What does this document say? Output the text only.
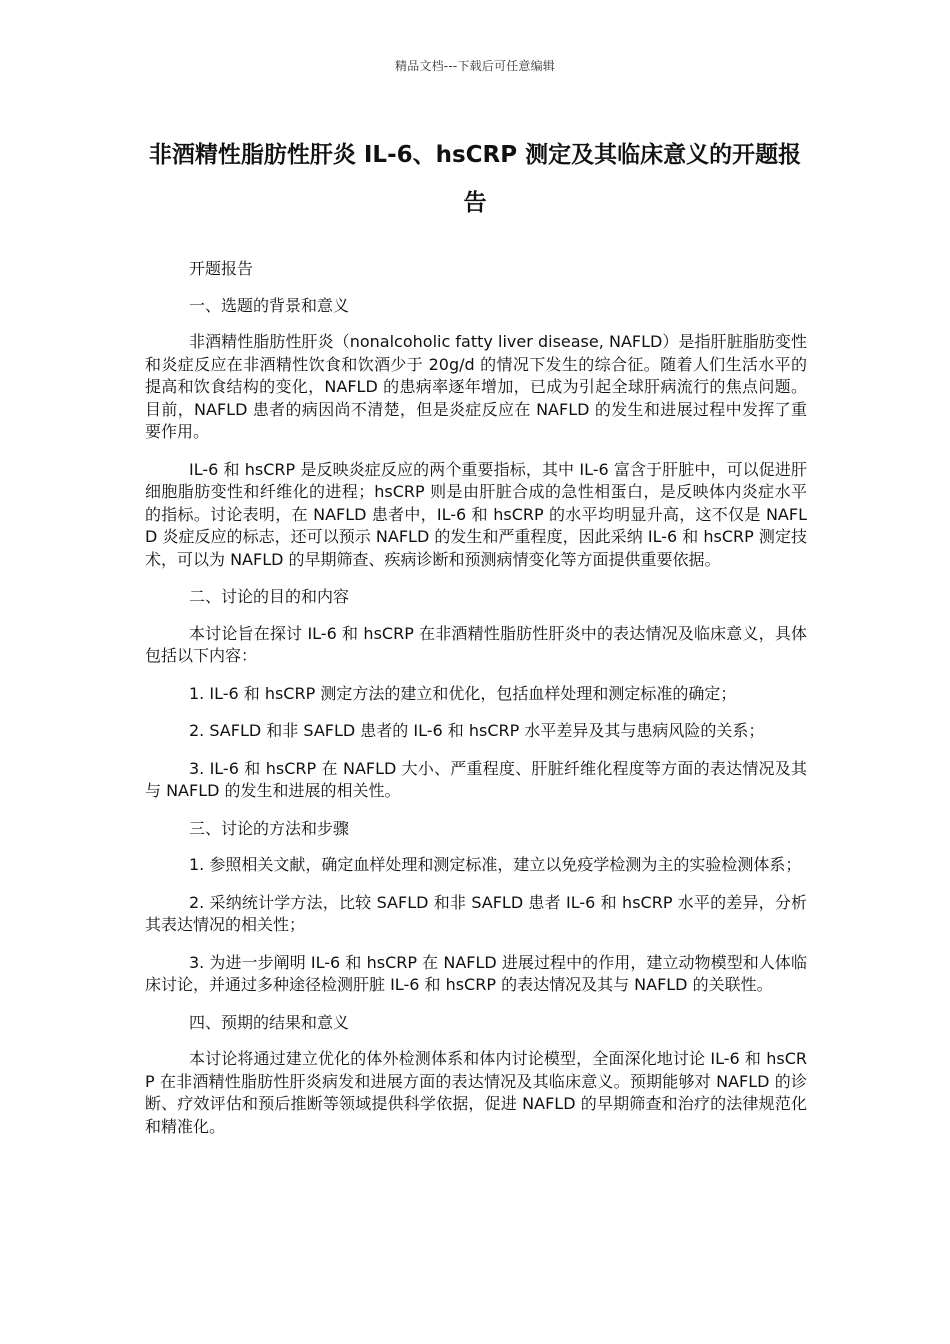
精品文档---下载后可任意编辑
非酒精性脂肪性肝炎 IL-6、hsCRP 测定及其临床意义的开题报告

开题报告

一、选题的背景和意义

非酒精性脂肪性肝炎（nonalcoholic fatty liver disease, NAFLD）是指肝脏脂肪变性和炎症反应在非酒精性饮食和饮酒少于 20g/d 的情况下发生的综合征。随着人们生活水平的提高和饮食结构的变化，NAFLD 的患病率逐年增加，已成为引起全球肝病流行的焦点问题。目前，NAFLD 患者的病因尚不清楚，但是炎症反应在 NAFLD 的发生和进展过程中发挥了重要作用。

IL-6 和 hsCRP 是反映炎症反应的两个重要指标，其中 IL-6 富含于肝脏中，可以促进肝细胞脂肪变性和纤维化的进程；hsCRP 则是由肝脏合成的急性相蛋白，是反映体内炎症水平的指标。讨论表明，在 NAFLD 患者中，IL-6 和 hsCRP 的水平均明显升高，这不仅是 NAFLD 炎症反应的标志，还可以预示 NAFLD 的发生和严重程度，因此采纳 IL-6 和 hsCRP 测定技术，可以为 NAFLD 的早期筛查、疾病诊断和预测病情变化等方面提供重要依据。

二、讨论的目的和内容

本讨论旨在探讨 IL-6 和 hsCRP 在非酒精性脂肪性肝炎中的表达情况及临床意义，具体包括以下内容：

1. IL-6 和 hsCRP 测定方法的建立和优化，包括血样处理和测定标准的确定；

2. SAFLD 和非 SAFLD 患者的 IL-6 和 hsCRP 水平差异及其与患病风险的关系；

3. IL-6 和 hsCRP 在 NAFLD 大小、严重程度、肝脏纤维化程度等方面的表达情况及其与 NAFLD 的发生和进展的相关性。

三、讨论的方法和步骤

1. 参照相关文献，确定血样处理和测定标准，建立以免疫学检测为主的实验检测体系；

2. 采纳统计学方法，比较 SAFLD 和非 SAFLD 患者 IL-6 和 hsCRP 水平的差异，分析其表达情况的相关性；

3. 为进一步阐明 IL-6 和 hsCRP 在 NAFLD 进展过程中的作用，建立动物模型和人体临床讨论，并通过多种途径检测肝脏 IL-6 和 hsCRP 的表达情况及其与 NAFLD 的关联性。

四、预期的结果和意义

本讨论将通过建立优化的体外检测体系和体内讨论模型，全面深化地讨论 IL-6 和 hsCRP 在非酒精性脂肪性肝炎病发和进展方面的表达情况及其临床意义。预期能够对 NAFLD 的诊断、疗效评估和预后推断等领域提供科学依据，促进 NAFLD 的早期筛查和治疗的法律规范化和精准化。
